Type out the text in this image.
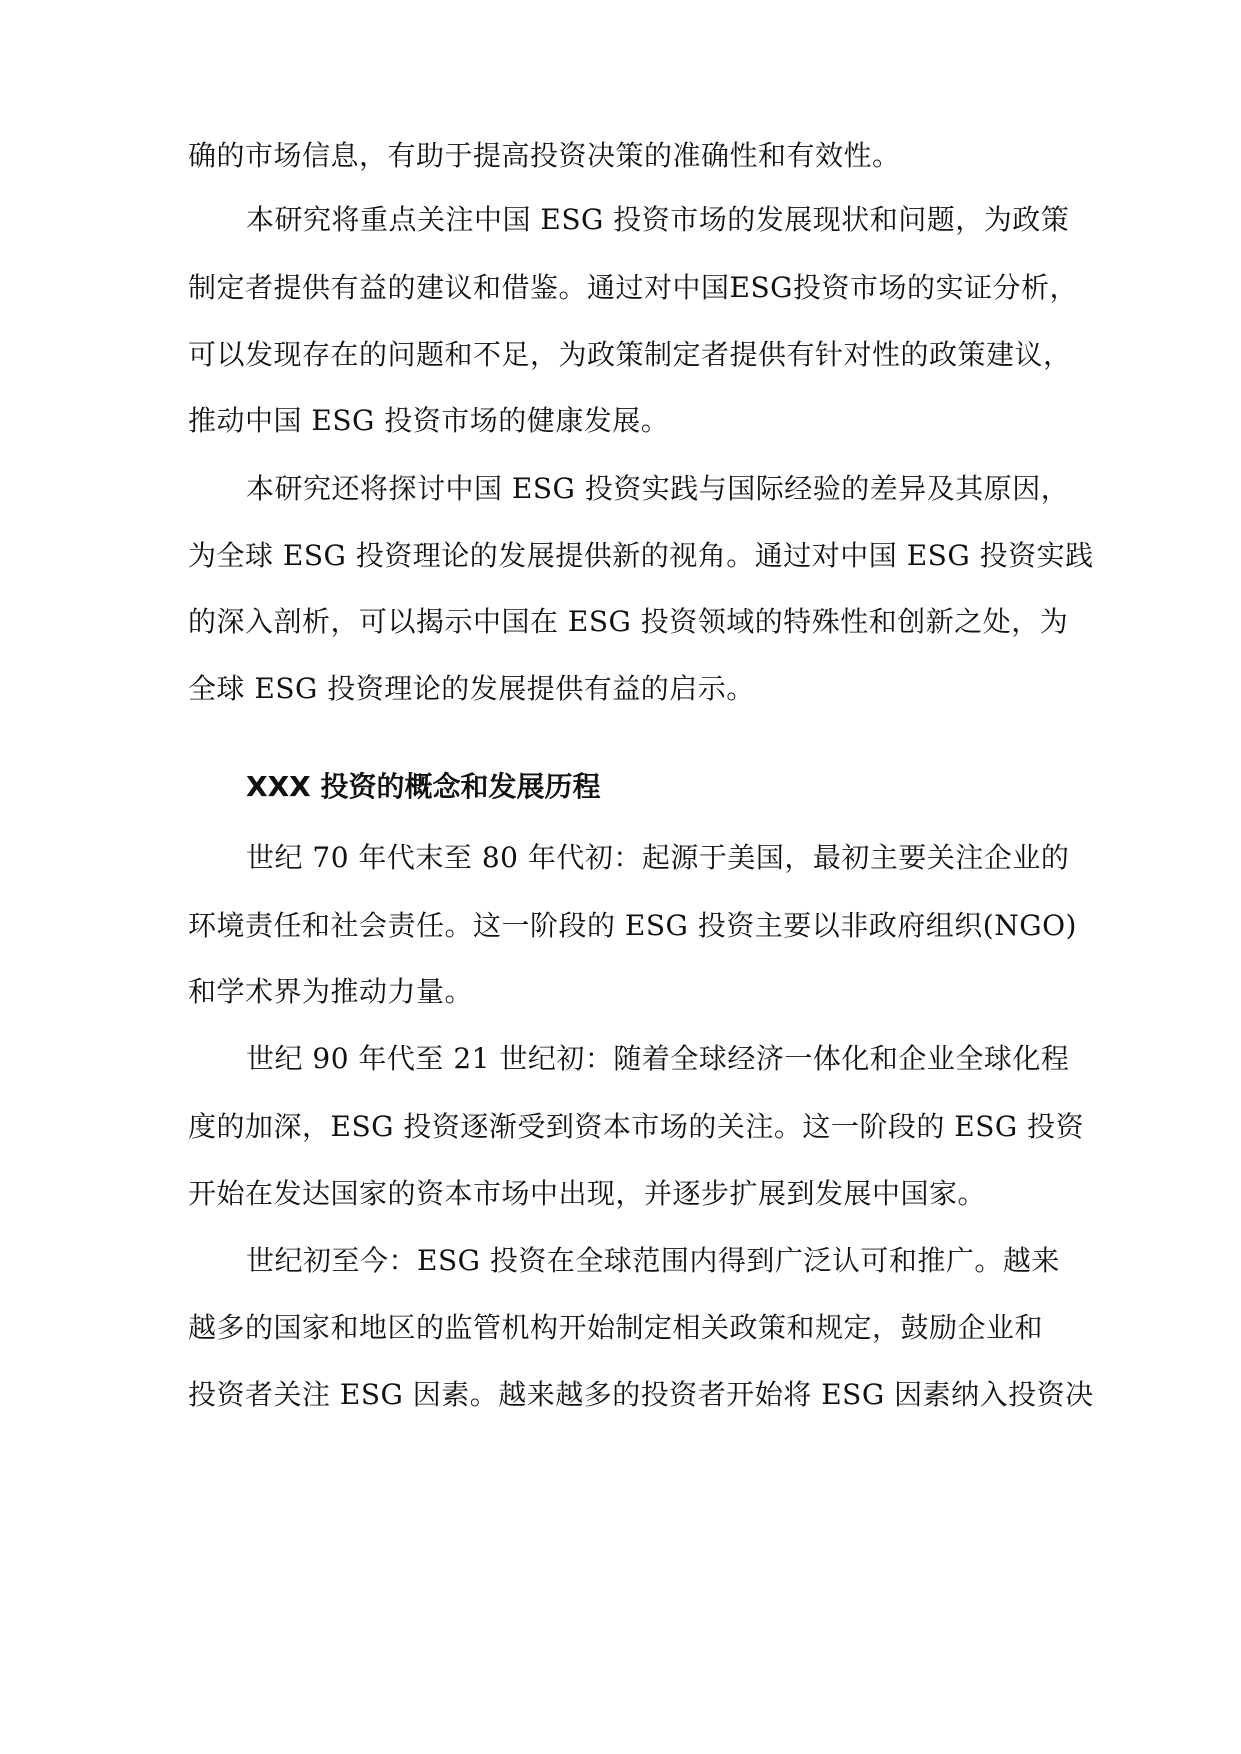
确的市场信息，有助于提高投资决策的准确性和有效性。
本研究将重点关注中国 ESG 投资市场的发展现状和问题，为政策
制定者提供有益的建议和借鉴。通过对中国ESG投资市场的实证分析，
可以发现存在的问题和不足，为政策制定者提供有针对性的政策建议，
推动中国 ESG 投资市场的健康发展。
本研究还将探讨中国 ESG 投资实践与国际经验的差异及其原因，
为全球 ESG 投资理论的发展提供新的视角。通过对中国 ESG 投资实践
的深入剖析，可以揭示中国在 ESG 投资领域的特殊性和创新之处，为
全球 ESG 投资理论的发展提供有益的启示。
XXX 投资的概念和发展历程
世纪 70 年代末至 80 年代初：起源于美国，最初主要关注企业的
环境责任和社会责任。这一阶段的 ESG 投资主要以非政府组织(NGO)
和学术界为推动力量。
世纪 90 年代至 21 世纪初：随着全球经济一体化和企业全球化程
度的加深，ESG 投资逐渐受到资本市场的关注。这一阶段的 ESG 投资
开始在发达国家的资本市场中出现，并逐步扩展到发展中国家。
世纪初至今：ESG 投资在全球范围内得到广泛认可和推广。越来
越多的国家和地区的监管机构开始制定相关政策和规定，鼓励企业和
投资者关注 ESG 因素。越来越多的投资者开始将 ESG 因素纳入投资决
